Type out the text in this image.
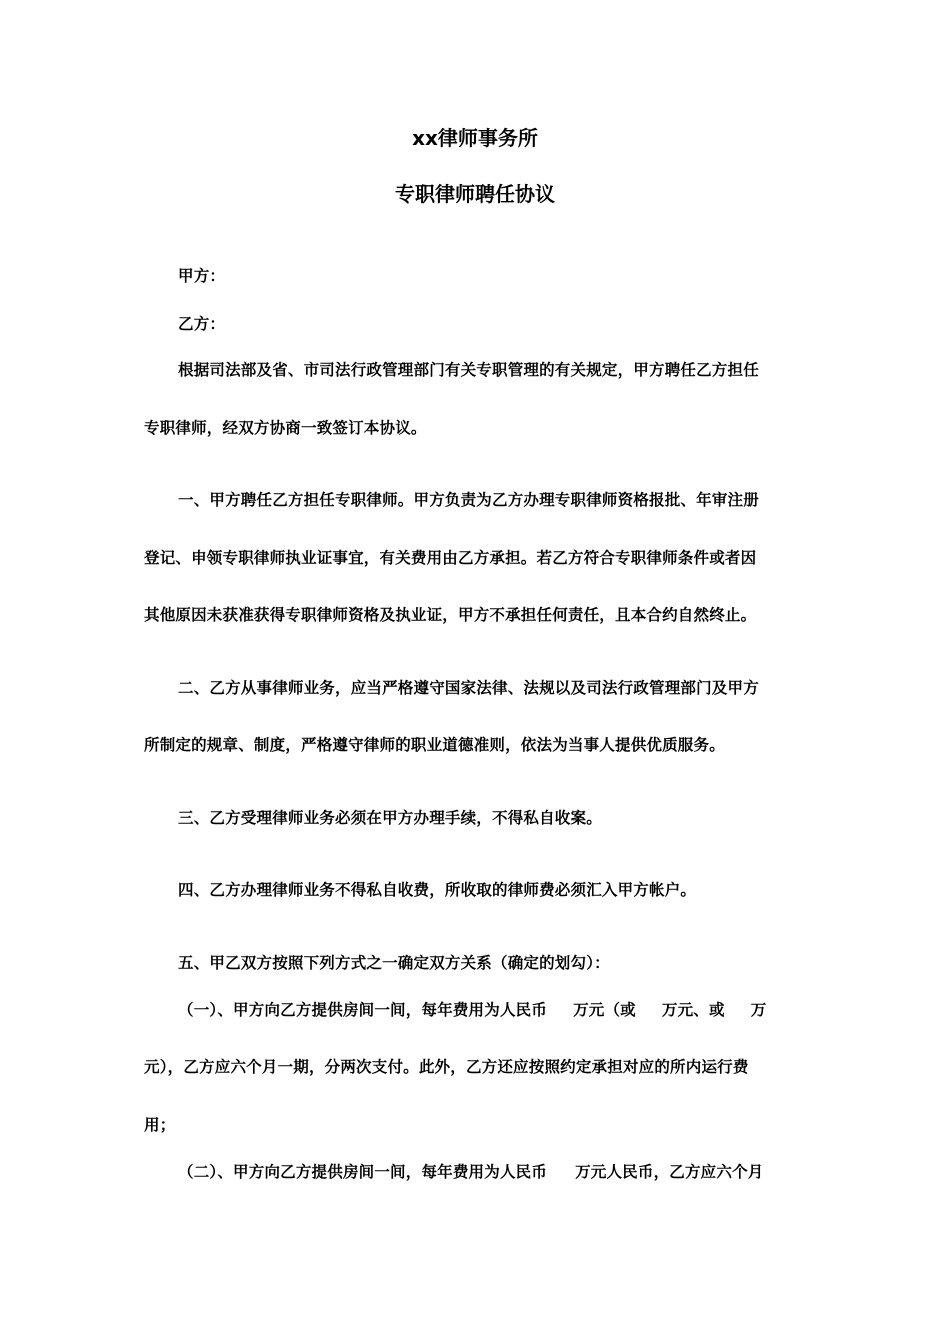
xx律师事务所
专职律师聘任协议
甲方：
乙方：
根据司法部及省、市司法行政管理部门有关专职管理的有关规定，甲方聘任乙方担任
专职律师，经双方协商一致签订本协议。
一、甲方聘任乙方担任专职律师。甲方负责为乙方办理专职律师资格报批、年审注册
登记、申领专职律师执业证事宜，有关费用由乙方承担。若乙方符合专职律师条件或者因
其他原因未获准获得专职律师资格及执业证，甲方不承担任何责任，且本合约自然终止。
二、乙方从事律师业务，应当严格遵守国家法律、法规以及司法行政管理部门及甲方
所制定的规章、制度，严格遵守律师的职业道德准则，依法为当事人提供优质服务。
三、乙方受理律师业务必须在甲方办理手续，不得私自收案。
四、乙方办理律师业务不得私自收费，所收取的律师费必须汇入甲方帐户。
五、甲乙双方按照下列方式之一确定双方关系（确定的划勾）：
（一）、甲方向乙方提供房间一间，每年费用为人民币 万元（或 万元、或 万
元），乙方应六个月一期，分两次支付。此外，乙方还应按照约定承担对应的所内运行费
用；
（二）、甲方向乙方提供房间一间，每年费用为人民币 万元人民币，乙方应六个月
